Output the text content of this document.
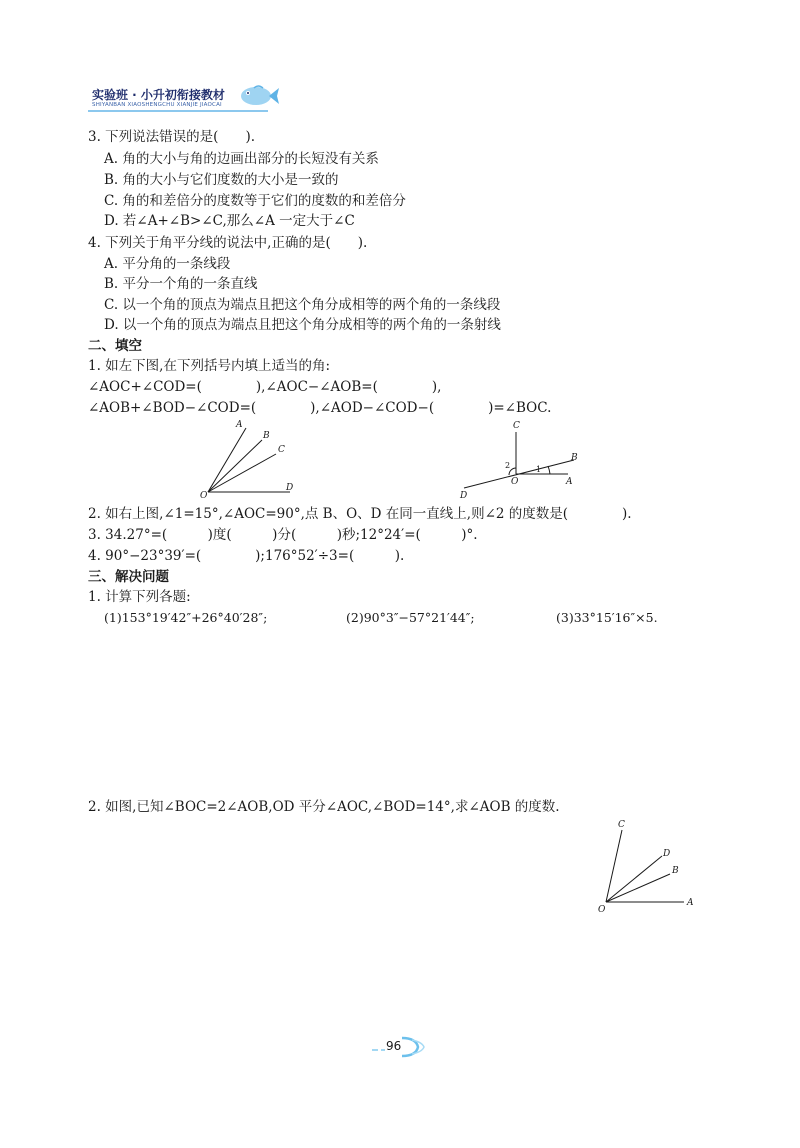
实验班 · 小升初衔接教材
SHIYANBAN XIAOSHENGCHU XIANJIE JIAOCAI
3. 下列说法错误的是(　　).
A. 角的大小与角的边画出部分的长短没有关系
B. 角的大小与它们度数的大小是一致的
C. 角的和差倍分的度数等于它们的度数的和差倍分
D. 若∠A+∠B>∠C,那么∠A 一定大于∠C
4. 下列关于角平分线的说法中,正确的是(　　).
A. 平分角的一条线段
B. 平分一个角的一条直线
C. 以一个角的顶点为端点且把这个角分成相等的两个角的一条线段
D. 以一个角的顶点为端点且把这个角分成相等的两个角的一条射线
二、填空
1. 如左下图,在下列括号内填上适当的角:
∠AOC+∠COD=(　　　　),∠AOC−∠AOB=(　　　　),
∠AOB+∠BOD−∠COD=(　　　　),∠AOD−∠COD−(　　　　)=∠BOC.
A
B
C
O
D
C
B
O	A
D
1
2
2. 如右上图,∠1=15°,∠AOC=90°,点 B、O、D 在同一直线上,则∠2 的度数是(　　　　).
3. 34.27°=(　　　)度(　　　)分(　　　)秒;12°24′=(　　　)°.
4. 90°−23°39′=(　　　　);176°52′÷3=(　　　).
三、解决问题
1. 计算下列各题:
(1)153°19′42″+26°40′28″;	(2)90°3″−57°21′44″;	(3)33°15′16″×5.
2. 如图,已知∠BOC=2∠AOB,OD 平分∠AOC,∠BOD=14°,求∠AOB 的度数.
C
D
B
O
A
96
